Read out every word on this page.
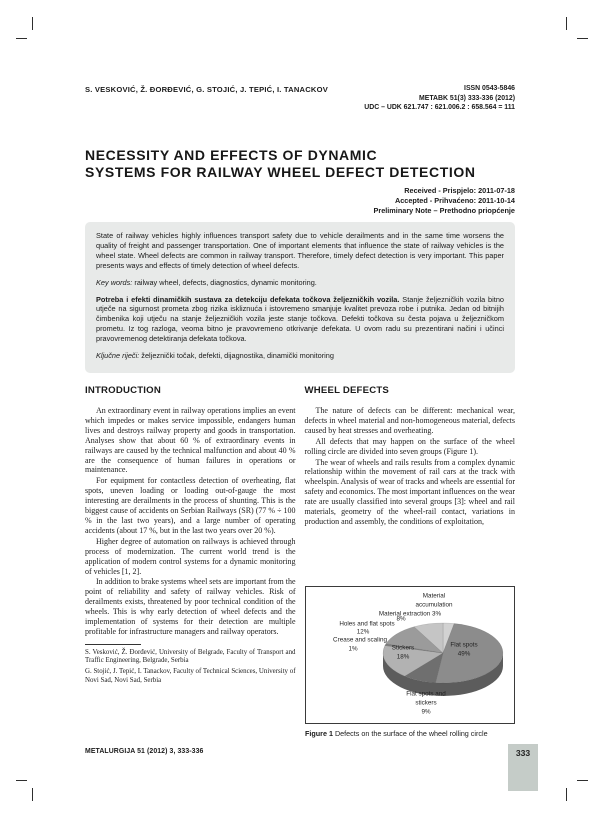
S. VESKOVIĆ, Ž. ĐORĐEVIĆ, G. STOJIĆ, J. TEPIĆ, I. TANACKOV	ISSN 0543-5846
METABK 51(3) 333-336 (2012)
UDC – UDK 621.747 : 621.006.2 : 658.564 = 111
NECESSITY AND EFFECTS OF DYNAMIC
SYSTEMS FOR RAILWAY WHEEL DEFECT DETECTION
Received - Prispjelo: 2011-07-18
Accepted - Prihvaćeno: 2011-10-14
Preliminary Note – Prethodno priopćenje

State of railway vehicles highly influences transport safety due to vehicle derailments and in the same time worsens the quality of freight and passenger transportation. One of important elements that influence the state of railway vehicles is the wheel state. Wheel defects are common in railway transport. Therefore, timely defect detection is very important. This paper presents ways and effects of timely detection of wheel defects.

Key words: railway wheel, defects, diagnostics, dynamic monitoring.

Potreba i efekti dinamičkih sustava za detekciju defekata točkova željezničkih vozila. Stanje željezničkih vozila bitno utječe na sigurnost prometa zbog rizika iskliznuća i istovremeno smanjuje kvalitet prevoza robe i putnika. Jedan od bitnijih čimbenika koji utječu na stanje željezničkih vozila jeste stanje točkova. Defekti točkova su česta pojava u željezničkom prometu. Iz tog razloga, veoma bitno je pravovremeno otkrivanje defekata. U ovom radu su prezentirani načini i učinci pravovremenog detektiranja defekata točkova.

Ključne riječi: željeznički točak, defekti, dijagnostika, dinamički monitoring

INTRODUCTION

An extraordinary event in railway operations implies an event which impedes or makes service impossible, endangers human lives and destroys railway property and goods in transportation. Analyses show that about 60 % of extraordinary events in railways are caused by the technical malfunction and about 40 % are the consequence of human failures in operations or maintenance.

For equipment for contactless detection of overheating, flat spots, uneven loading or loading out-of-gauge the most interesting are derailments in the process of shunting. This is the biggest cause of accidents on Serbian Railways (SR) (77 % ÷ 100 % in the last two years), and a large number of operating accidents (about 17 %, but in the last two years over 20 %).

Higher degree of automation on railways is achieved through process of modernization. The current world trend is the application of modern control systems for a dynamic monitoring of vehicles [1, 2].

In addition to brake systems wheel sets are important from the point of reliability and safety of railway vehicles. Risk of derailments exists, threatened by poor technical condition of the wheels. This is why early detection of wheel defects and the implementation of systems for their detection are multiple profitable for infrastructure managers and railway operators.

S. Vesković, Ž. Đorđević, University of Belgrade, Faculty of Transport and Traffic Engineering, Belgrade, Serbia

G. Stojić, J. Tepić, I. Tanackov, Faculty of Technical Sciences, University of Novi Sad, Novi Sad, Serbia

WHEEL DEFECTS

The nature of defects can be different: mechanical wear, defects in wheel material and non-homogeneous material, defects caused by heat stresses and overheating.

All defects that may happen on the surface of the wheel rolling circle are divided into seven groups (Figure 1).

The wear of wheels and rails results from a complex dynamic relationship within the movement of rail cars at the track with wheelspin. Analysis of wear of tracks and wheels are essential for safety and economics. The most important influences on the wear rate are usually classified into several groups [3]: wheel and rail materials, geometry of the wheel-rail contact, variations in production and assembly, the conditions of exploitation,

Material
accumulation
Material extraction 3%
8%
Holes and flat spots
12%
Crease and scaling
1%	Stickers
18%
Flat spots
49%
Flat spots and
stickers
9%
Figure 1 Defects on the surface of the wheel rolling circle
METALURGIJA 51 (2012) 3, 333-336	333
